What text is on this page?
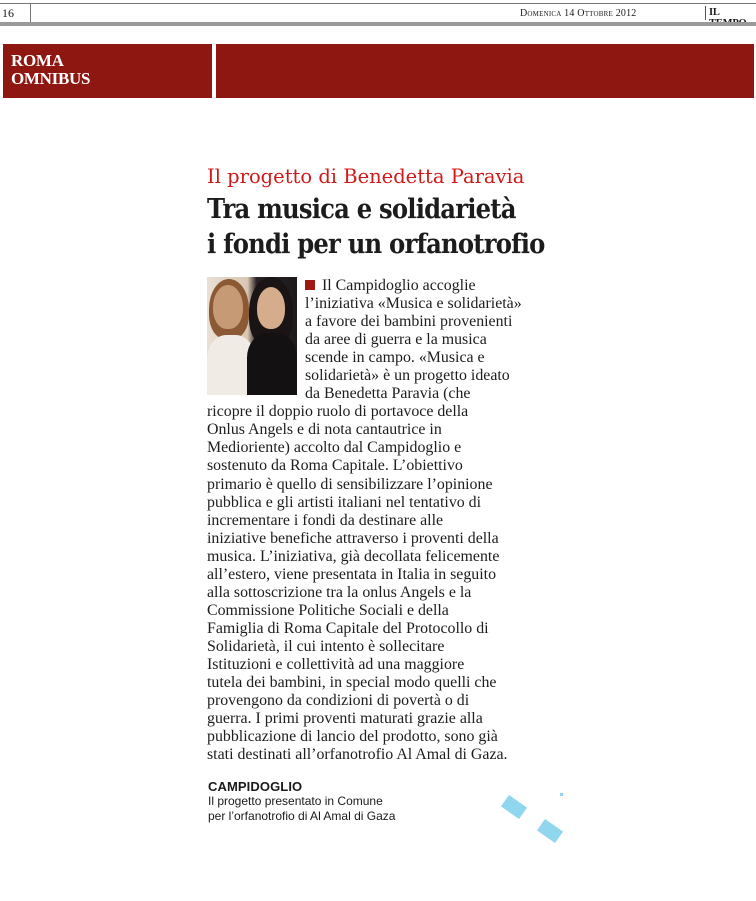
16	Domenica 14 Ottobre 2012	IL
ROMA
OMNIBUS
Il progetto di Benedetta Paravia
Tra musica e solidarietà
i fondi per un orfanotrofio
Il Campidoglio accoglie
l’iniziativa «Musica e solidarietà»
a favore dei bambini provenienti
da aree di guerra e la musica
scende in campo. «Musica e
solidarietà» è un progetto ideato
da Benedetta Paravia (che
ricopre il doppio ruolo di portavoce della
Onlus Angels e di nota cantautrice in
Medioriente) accolto dal Campidoglio e
sostenuto da Roma Capitale. L’obiettivo
primario è quello di sensibilizzare l’opinione
pubblica e gli artisti italiani nel tentativo di
incrementare i fondi da destinare alle
iniziative benefiche attraverso i proventi della
musica. L’iniziativa, già decollata felicemente
all’estero, viene presentata in Italia in seguito
alla sottoscrizione tra la onlus Angels e la
Commissione Politiche Sociali e della
Famiglia di Roma Capitale del Protocollo di
Solidarietà, il cui intento è sollecitare
Istituzioni e collettività ad una maggiore
tutela dei bambini, in special modo quelli che
provengono da condizioni di povertà o di
guerra. I primi proventi maturati grazie alla
pubblicazione di lancio del prodotto, sono già
stati destinati all’orfanotrofio Al Amal di Gaza.
CAMPIDOGLIO
Il progetto presentato in Comune
per l’orfanotrofio di Al Amal di Gaza
